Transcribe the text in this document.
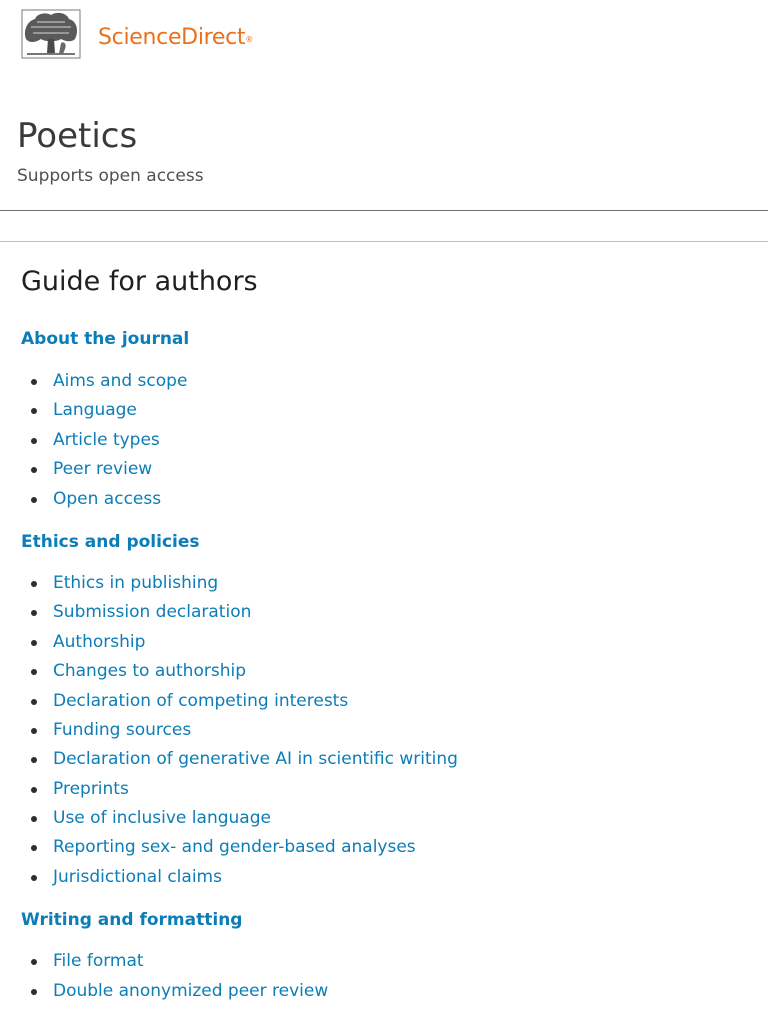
ScienceDirect®
Poetics
Supports open access
Guide for authors
About the journal
Aims and scope
Language
Article types
Peer review
Open access
Ethics and policies
Ethics in publishing
Submission declaration
Authorship
Changes to authorship
Declaration of competing interests
Funding sources
Declaration of generative AI in scientific writing
Preprints
Use of inclusive language
Reporting sex- and gender-based analyses
Jurisdictional claims
Writing and formatting
File format
Double anonymized peer review
